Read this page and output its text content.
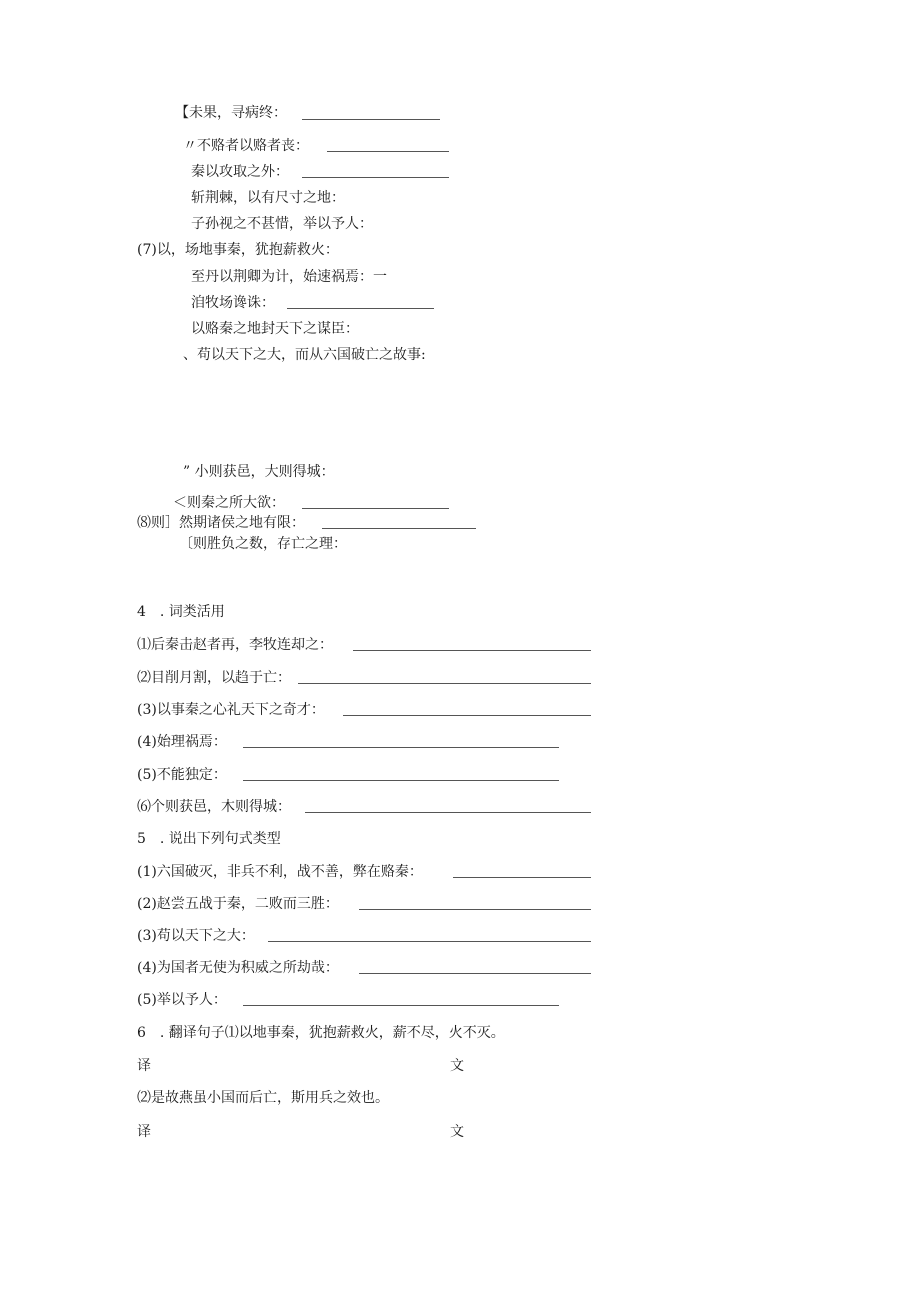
【未果，寻病终：
〃不赂者以赂者丧：
秦以攻取之外：
斩荆棘，以有尺寸之地：
子孙视之不甚惜，举以予人：
(7)以，场地事秦，犹抱薪救火：
至丹以荆卿为计，始速祸焉：一
洎牧场谗诛：
以赂秦之地封天下之谋臣：
、苟以天下之大，而从六国破亡之故事:
” 小则获邑，大则得城：
＜则秦之所大欲：
⑻则］然期诸侯之地有限：
〔则胜负之数，存亡之理：
4　. 词类活用
⑴后秦击赵者再，李牧连却之：
⑵目削月割，以趋于亡：
(3)以事秦之心礼天下之奇才：
(4)始理祸焉：
(5)不能独定：
⑹个则获邑，木则得城：
5　. 说出下列句式类型
(1)六国破灭，非兵不利，战不善，弊在赂秦：
(2)赵尝五战于秦，二败而三胜：
(3)苟以天下之大：
(4)为国者无使为积威之所劫哉：
(5)举以予人：
6　. 翻译句子⑴以地事秦，犹抱薪救火，薪不尽，火不灭。
译	文
⑵是故燕虽小国而后亡，斯用兵之效也。
译	文
